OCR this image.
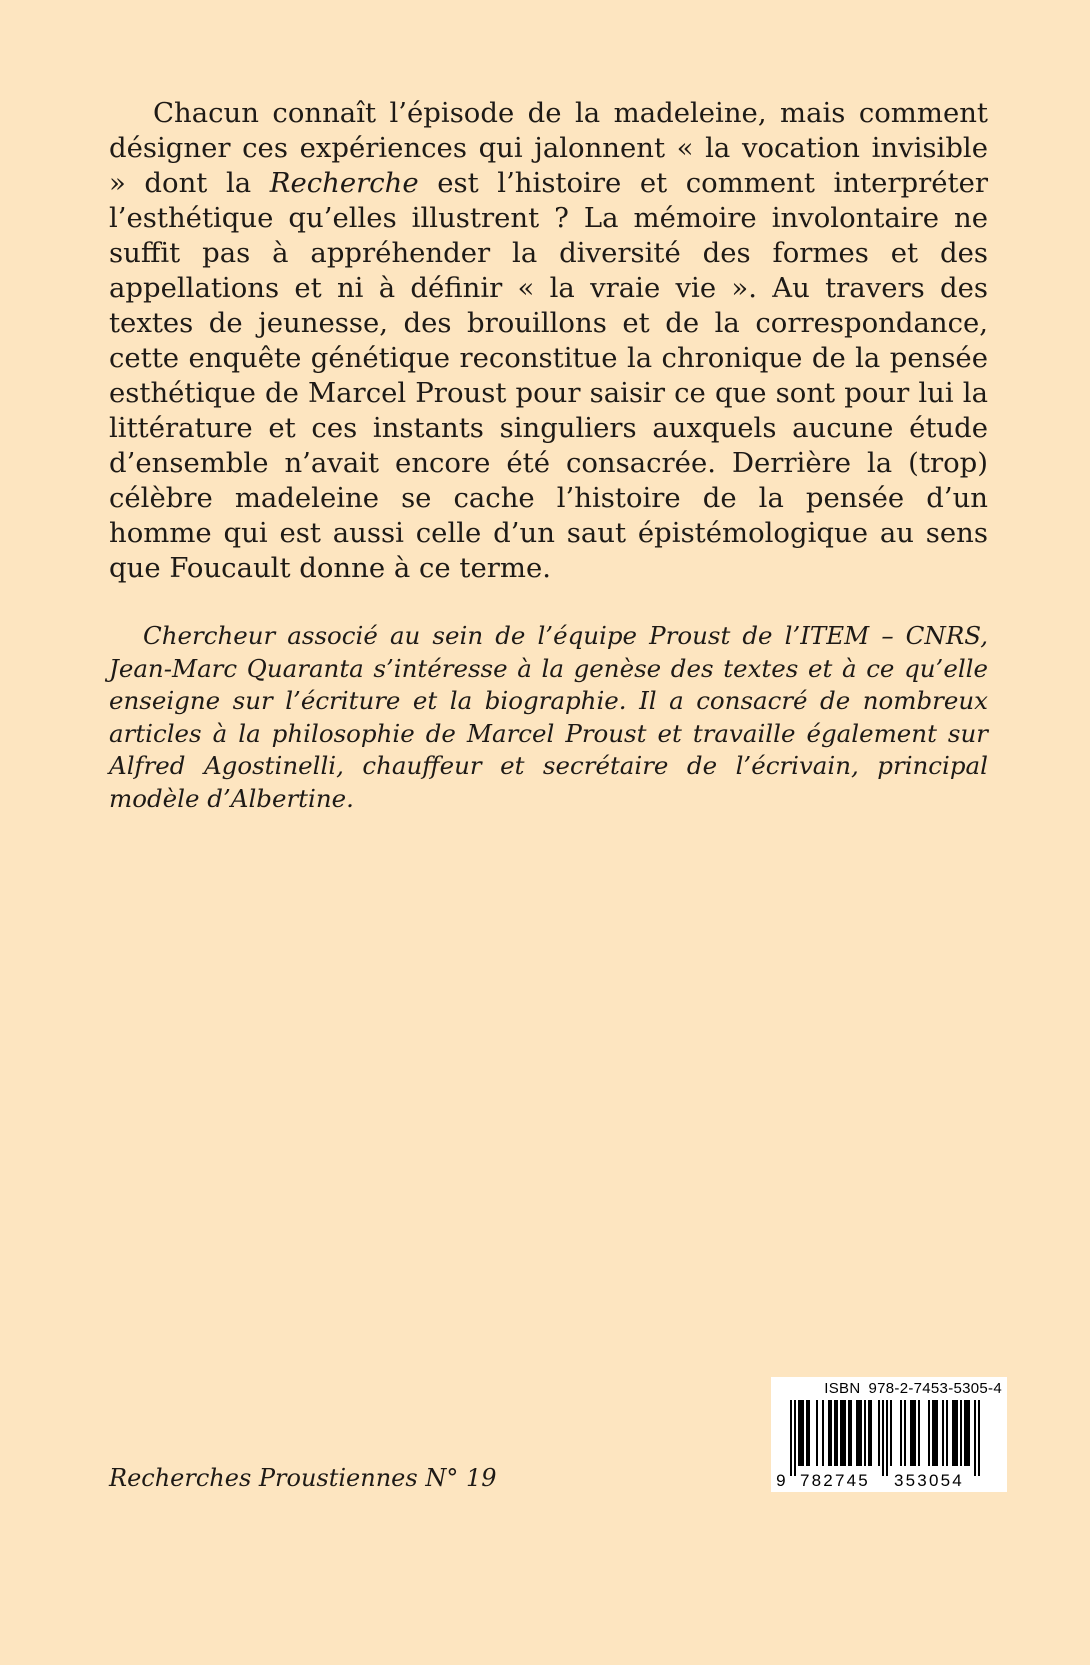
Chacun connaît l’épisode de la madeleine, mais comment désigner ces expériences qui jalonnent « la vocation invisible » dont la Recherche est l’histoire et comment interpréter l’esthétique qu’elles illustrent ? La mémoire involontaire ne suffit pas à appréhender la diversité des formes et des appellations et ni à définir « la vraie vie ». Au travers des textes de jeunesse, des brouillons et de la correspondance, cette enquête génétique reconstitue la chronique de la pensée esthétique de Marcel Proust pour saisir ce que sont pour lui la littérature et ces instants singuliers auxquels aucune étude d’ensemble n’avait encore été consacrée. Derrière la (trop) célèbre madeleine se cache l’histoire de la pensée d’un homme qui est aussi celle d’un saut épistémologique au sens que Foucault donne à ce terme.

Chercheur associé au sein de l’équipe Proust de l’ITEM – CNRS, Jean-Marc Quaranta s’intéresse à la genèse des textes et à ce qu’elle enseigne sur l’écriture et la biographie. Il a consacré de nombreux articles à la philosophie de Marcel Proust et travaille également sur Alfred Agostinelli, chauffeur et secrétaire de l’écrivain, principal modèle d’Albertine.

Recherches Proustiennes N° 19

ISBN 978-2-7453-5305-4
9 782745 353054
